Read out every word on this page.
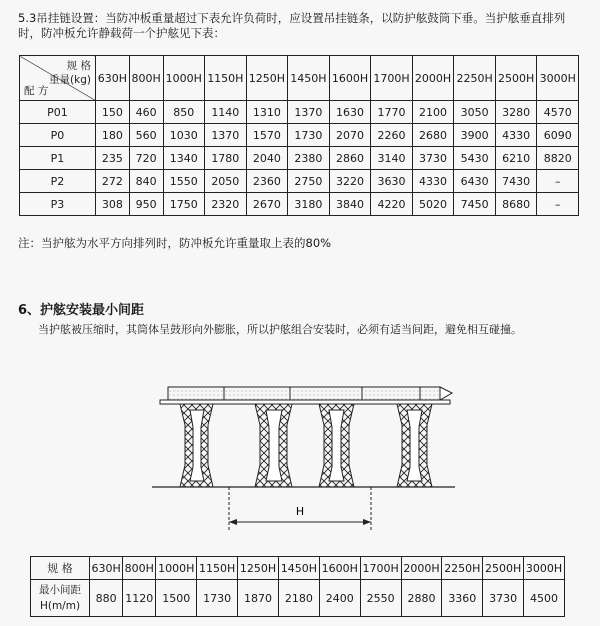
5.3吊挂链设置：当防冲板重量超过下表允许负荷时，应设置吊挂链条，以防护舷鼓筒下垂。当护舷垂直排列
时，防冲板允许静载荷一个护舷见下表：

规 格
重量(kg)
配 方	630H	800H	1000H	1150H	1250H	1450H	1600H	1700H	2000H	2250H	2500H	3000H
P01	150	460	850	1140	1310	1370	1630	1770	2100	3050	3280	4570
P0	180	560	1030	1370	1570	1730	2070	2260	2680	3900	4330	6090
P1	235	720	1340	1780	2040	2380	2860	3140	3730	5430	6210	8820
P2	272	840	1550	2050	2360	2750	3220	3630	4330	6430	7430	–
P3	308	950	1750	2320	2670	3180	3840	4220	5020	7450	8680	–

注：当护舷为水平方向排列时，防冲板允许重量取上表的80%

6、护舷安装最小间距

当护舷被压缩时，其筒体呈鼓形向外膨胀，所以护舷组合安装时，必须有适当间距，避免相互碰撞。

H
规 格	630H	800H	1000H	1150H	1250H	1450H	1600H	1700H	2000H	2250H	2500H	3000H
最小间距
H(m/m)	880	1120	1500	1730	1870	2180	2400	2550	2880	3360	3730	4500
